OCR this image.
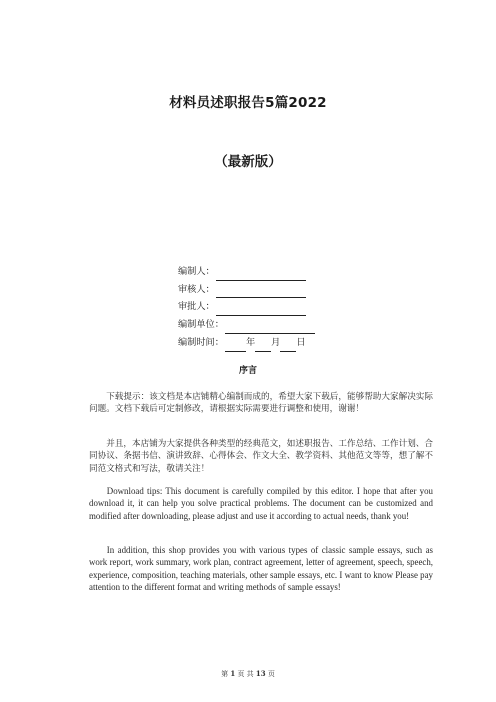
材料员述职报告5篇2022
（最新版）
编制人：
审核人：
审批人：
编制单位：
编制时间： 年 月 日
序言
下载提示：该文档是本店铺精心编制而成的，希望大家下载后，能够帮助大家解决实际问题。文档下载后可定制修改，请根据实际需要进行调整和使用，谢谢！
并且，本店铺为大家提供各种类型的经典范文，如述职报告、工作总结、工作计划、合同协议、条据书信、演讲致辞、心得体会、作文大全、教学资料、其他范文等等，想了解不同范文格式和写法，敬请关注！
Download tips: This document is carefully compiled by this editor. I hope that after you download it, it can help you solve practical problems. The document can be customized and modified after downloading, please adjust and use it according to actual needs, thank you!
In addition, this shop provides you with various types of classic sample essays, such as work report, work summary, work plan, contract agreement, letter of agreement, speech, speech, experience, composition, teaching materials, other sample essays, etc. I want to know Please pay attention to the different format and writing methods of sample essays!
第 1 页 共 13 页
